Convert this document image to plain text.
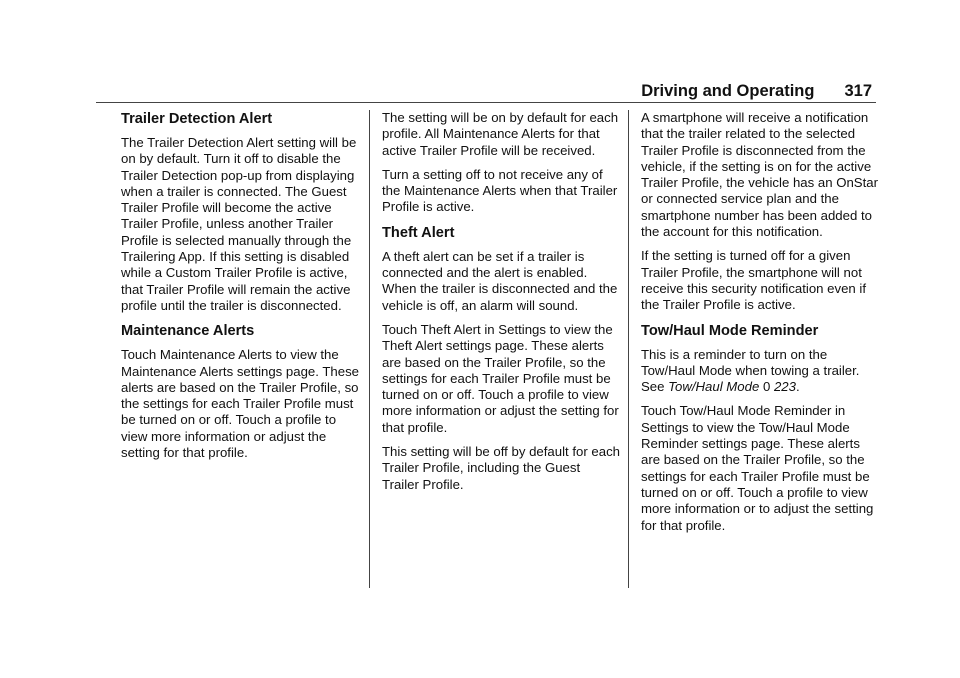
Driving and Operating 317
Trailer Detection Alert

The Trailer Detection Alert setting will be on by default. Turn it off to disable the Trailer Detection pop-up from displaying when a trailer is connected. The Guest Trailer Profile will become the active Trailer Profile, unless another Trailer Profile is selected manually through the Trailering App. If this setting is disabled while a Custom Trailer Profile is active, that Trailer Profile will remain the active profile until the trailer is disconnected.

Maintenance Alerts

Touch Maintenance Alerts to view the Maintenance Alerts settings page. These alerts are based on the Trailer Profile, so the settings for each Trailer Profile must be turned on or off. Touch a profile to view more information or adjust the setting for that profile.

The setting will be on by default for each profile. All Maintenance Alerts for that active Trailer Profile will be received.

Turn a setting off to not receive any of the Maintenance Alerts when that Trailer Profile is active.

Theft Alert

A theft alert can be set if a trailer is connected and the alert is enabled. When the trailer is disconnected and the vehicle is off, an alarm will sound.

Touch Theft Alert in Settings to view the Theft Alert settings page. These alerts are based on the Trailer Profile, so the settings for each Trailer Profile must be turned on or off. Touch a profile to view more information or adjust the setting for that profile.

This setting will be off by default for each Trailer Profile, including the Guest Trailer Profile.

A smartphone will receive a notification that the trailer related to the selected Trailer Profile is disconnected from the vehicle, if the setting is on for the active Trailer Profile, the vehicle has an OnStar or connected service plan and the smartphone number has been added to the account for this notification.

If the setting is turned off for a given Trailer Profile, the smartphone will not receive this security notification even if the Trailer Profile is active.

Tow/Haul Mode Reminder

This is a reminder to turn on the Tow/Haul Mode when towing a trailer. See Tow/Haul Mode 0 223.

Touch Tow/Haul Mode Reminder in Settings to view the Tow/Haul Mode Reminder settings page. These alerts are based on the Trailer Profile, so the settings for each Trailer Profile must be turned on or off. Touch a profile to view more information or to adjust the setting for that profile.
